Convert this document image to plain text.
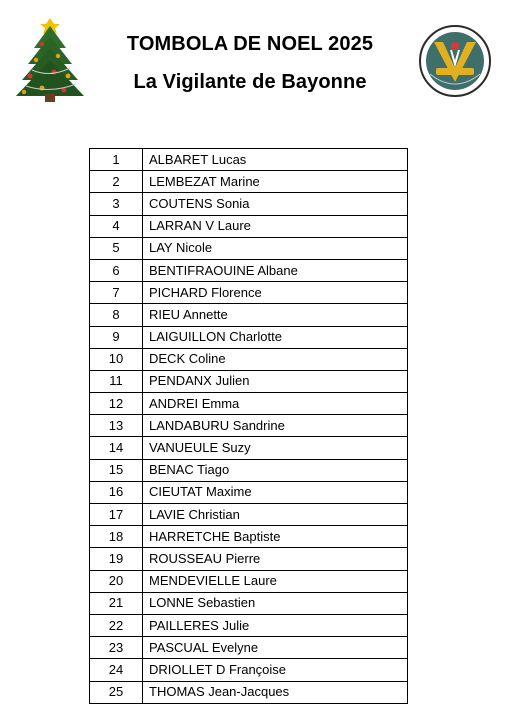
TOMBOLA DE NOEL 2025
La Vigilante de Bayonne
1	ALBARET Lucas
2	LEMBEZAT Marine
3	COUTENS Sonia
4	LARRAN V Laure
5	LAY Nicole
6	BENTIFRAOUINE Albane
7	PICHARD Florence
8	RIEU Annette
9	LAIGUILLON Charlotte
10	DECK Coline
11	PENDANX Julien
12	ANDREI Emma
13	LANDABURU Sandrine
14	VANUEULE Suzy
15	BENAC Tiago
16	CIEUTAT Maxime
17	LAVIE Christian
18	HARRETCHE Baptiste
19	ROUSSEAU Pierre
20	MENDEVIELLE Laure
21	LONNE Sebastien
22	PAILLERES Julie
23	PASCUAL Evelyne
24	DRIOLLET D Françoise
25	THOMAS Jean-Jacques
